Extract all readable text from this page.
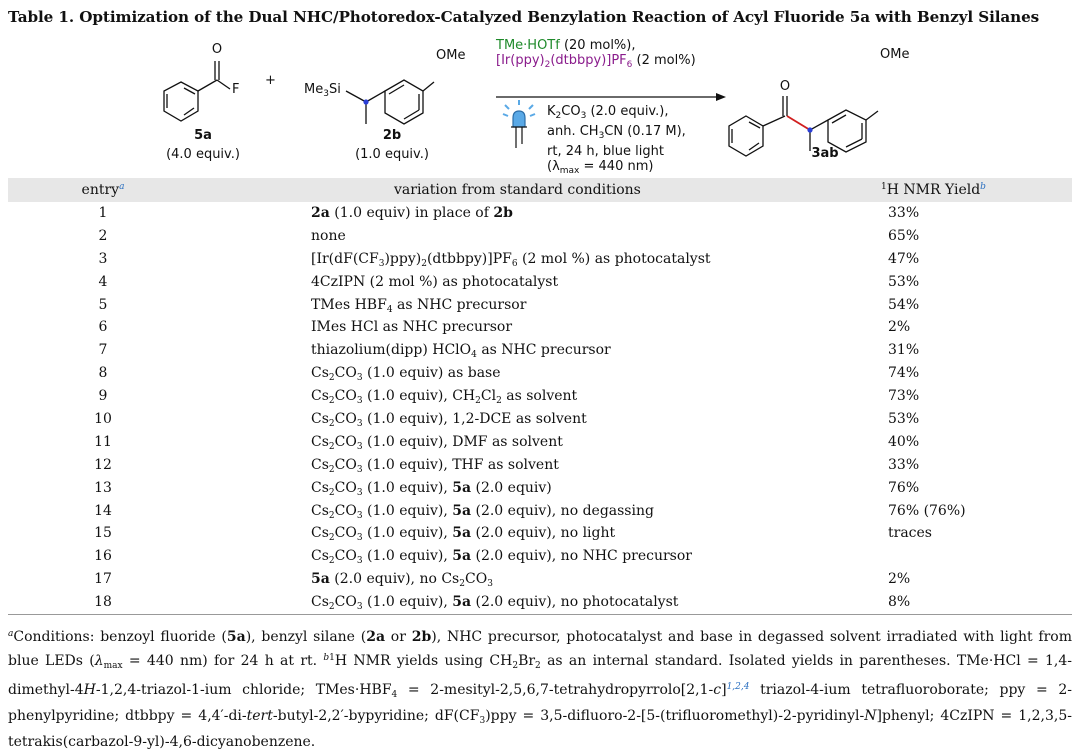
Table 1. Optimization of the Dual NHC/Photoredox-Catalyzed Benzylation Reaction of Acyl Fluoride 5a with Benzyl Silanes
O
F
5a
(4.0 equiv.)
+
$Me_3Si$
OMe
2b
(1.0 equiv.)
TMe·HOTf (20 mol%),
$[Ir(ppy)_2(dtbbpy)]PF_6$ (2 mol%)
$K_2CO_3$ (2.0 equiv.),
anh. $CH_3CN$ (0.17 M),
rt, 24 h, blue light
($\lambda_{max} = 440$ nm)
O
OMe
3ab
entry$^a$	variation from standard conditions	$^1$H NMR Yield$^b$
1	2a (1.0 equiv) in place of 2b	33%
2	none	65%
3	$[Ir(dF(CF_3)ppy)_2(dtbbpy)]PF_6$ (2 mol %) as photocatalyst	47%
4	4CzIPN (2 mol %) as photocatalyst	53%
5	TMes $HBF_4$ as NHC precursor	54%
6	IMes HCl as NHC precursor	2%
7	thiazolium(dipp) HClO$_4$ as NHC precursor	31%
8	$Cs_2CO_3$ (1.0 equiv) as base	74%
9	$Cs_2CO_3$ (1.0 equiv), $CH_2Cl_2$ as solvent	73%
10	$Cs_2CO_3$ (1.0 equiv), 1,2-DCE as solvent	53%
11	$Cs_2CO_3$ (1.0 equiv), DMF as solvent	40%
12	$Cs_2CO_3$ (1.0 equiv), THF as solvent	33%
13	$Cs_2CO_3$ (1.0 equiv), 5a (2.0 equiv)	76%
14	$Cs_2CO_3$ (1.0 equiv), 5a (2.0 equiv), no degassing	76% (76%)
15	$Cs_2CO_3$ (1.0 equiv), 5a (2.0 equiv), no light	traces
16	$Cs_2CO_3$ (1.0 equiv), 5a (2.0 equiv), no NHC precursor
17	5a (2.0 equiv), no $Cs_2CO_3$	2%
18	$Cs_2CO_3$ (1.0 equiv), 5a (2.0 equiv), no photocatalyst	8%
$^a$Conditions: benzoyl fluoride (5a), benzyl silane (2a or 2b), NHC precursor, photocatalyst and base in degassed solvent irradiated with light from blue LEDs ($\lambda_{max} = 440$ nm) for 24 h at rt. $^{b1}$H NMR yields using $CH_2Br_2$ as an internal standard. Isolated yields in parentheses. TMe·HCl = 1,4-dimethyl-4H-1,2,4-triazol-1-ium chloride; $TMes\cdot HBF_4$ = $2-mesityl-2,5,6,7-tetrahydropyrrolo[2,1-c]^{1,2,4}$ triazol-4-ium tetrafluoroborate; ppy = 2-phenylpyridine; dtbbpy = 4,4′-di-tert-butyl-2,2′-bypyridine; $dF(CF_3)ppy$ = 3,5-difluoro-2-[5-(trifluoromethyl)-2-pyridinyl-N]phenyl; 4CzIPN = 1,2,3,5-tetrakis(carbazol-9-yl)-4,6-dicyanobenzene.
